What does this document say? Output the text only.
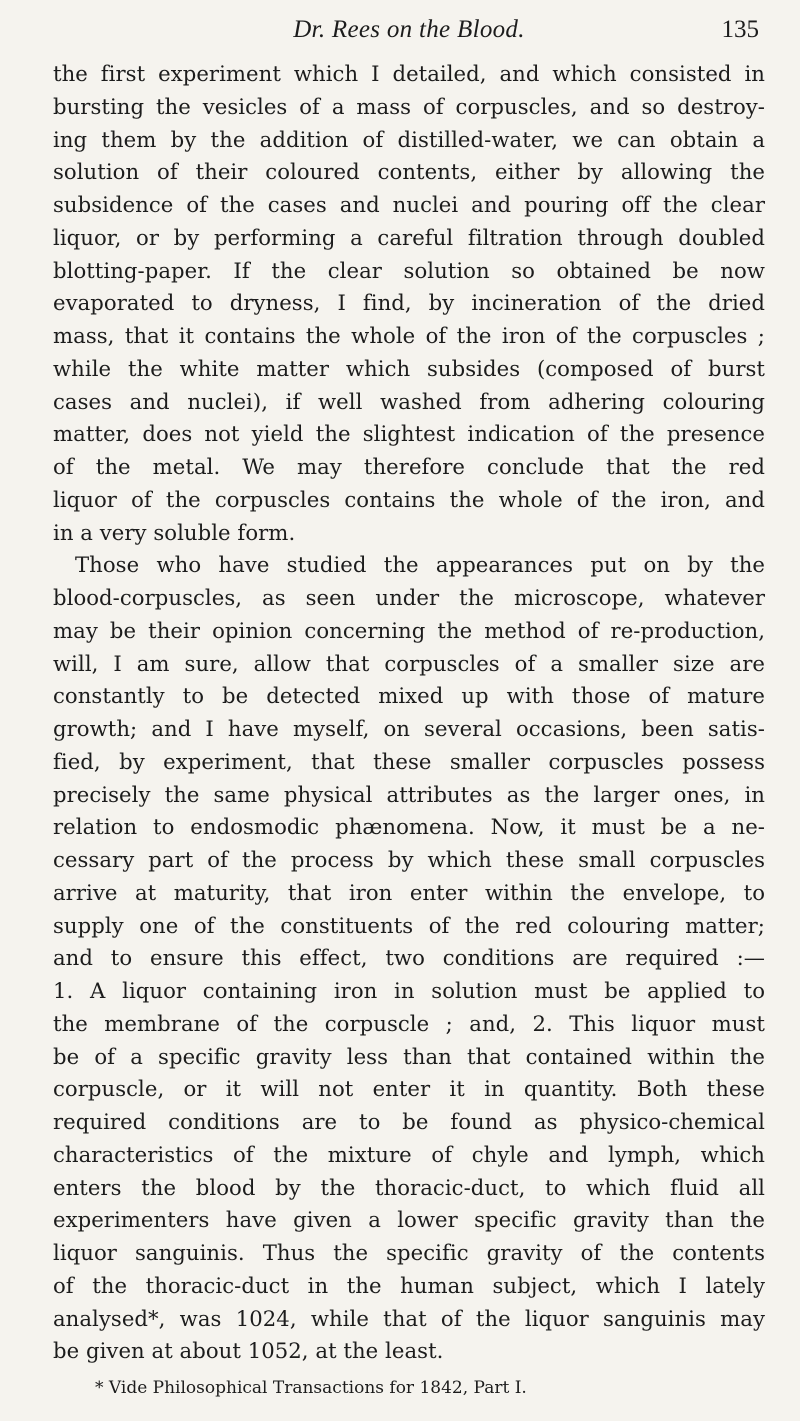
Dr. Rees on the Blood.	135
the first experiment which I detailed, and which consisted in
bursting the vesicles of a mass of corpuscles, and so destroy-
ing them by the addition of distilled-water, we can obtain a
solution of their coloured contents, either by allowing the
subsidence of the cases and nuclei and pouring off the clear
liquor, or by performing a careful filtration through doubled
blotting-paper. If the clear solution so obtained be now
evaporated to dryness, I find, by incineration of the dried
mass, that it contains the whole of the iron of the corpuscles ;
while the white matter which subsides (composed of burst
cases and nuclei), if well washed from adhering colouring
matter, does not yield the slightest indication of the presence
of the metal. We may therefore conclude that the red
liquor of the corpuscles contains the whole of the iron, and
in a very soluble form.
Those who have studied the appearances put on by the
blood-corpuscles, as seen under the microscope, whatever
may be their opinion concerning the method of re-production,
will, I am sure, allow that corpuscles of a smaller size are
constantly to be detected mixed up with those of mature
growth; and I have myself, on several occasions, been satis-
fied, by experiment, that these smaller corpuscles possess
precisely the same physical attributes as the larger ones, in
relation to endosmodic phænomena. Now, it must be a ne-
cessary part of the process by which these small corpuscles
arrive at maturity, that iron enter within the envelope, to
supply one of the constituents of the red colouring matter;
and to ensure this effect, two conditions are required :—
1. A liquor containing iron in solution must be applied to
the membrane of the corpuscle ; and, 2. This liquor must
be of a specific gravity less than that contained within the
corpuscle, or it will not enter it in quantity. Both these
required conditions are to be found as physico-chemical
characteristics of the mixture of chyle and lymph, which
enters the blood by the thoracic-duct, to which fluid all
experimenters have given a lower specific gravity than the
liquor sanguinis. Thus the specific gravity of the contents
of the thoracic-duct in the human subject, which I lately
analysed*, was 1024, while that of the liquor sanguinis may
be given at about 1052, at the least.
* Vide Philosophical Transactions for 1842, Part I.
